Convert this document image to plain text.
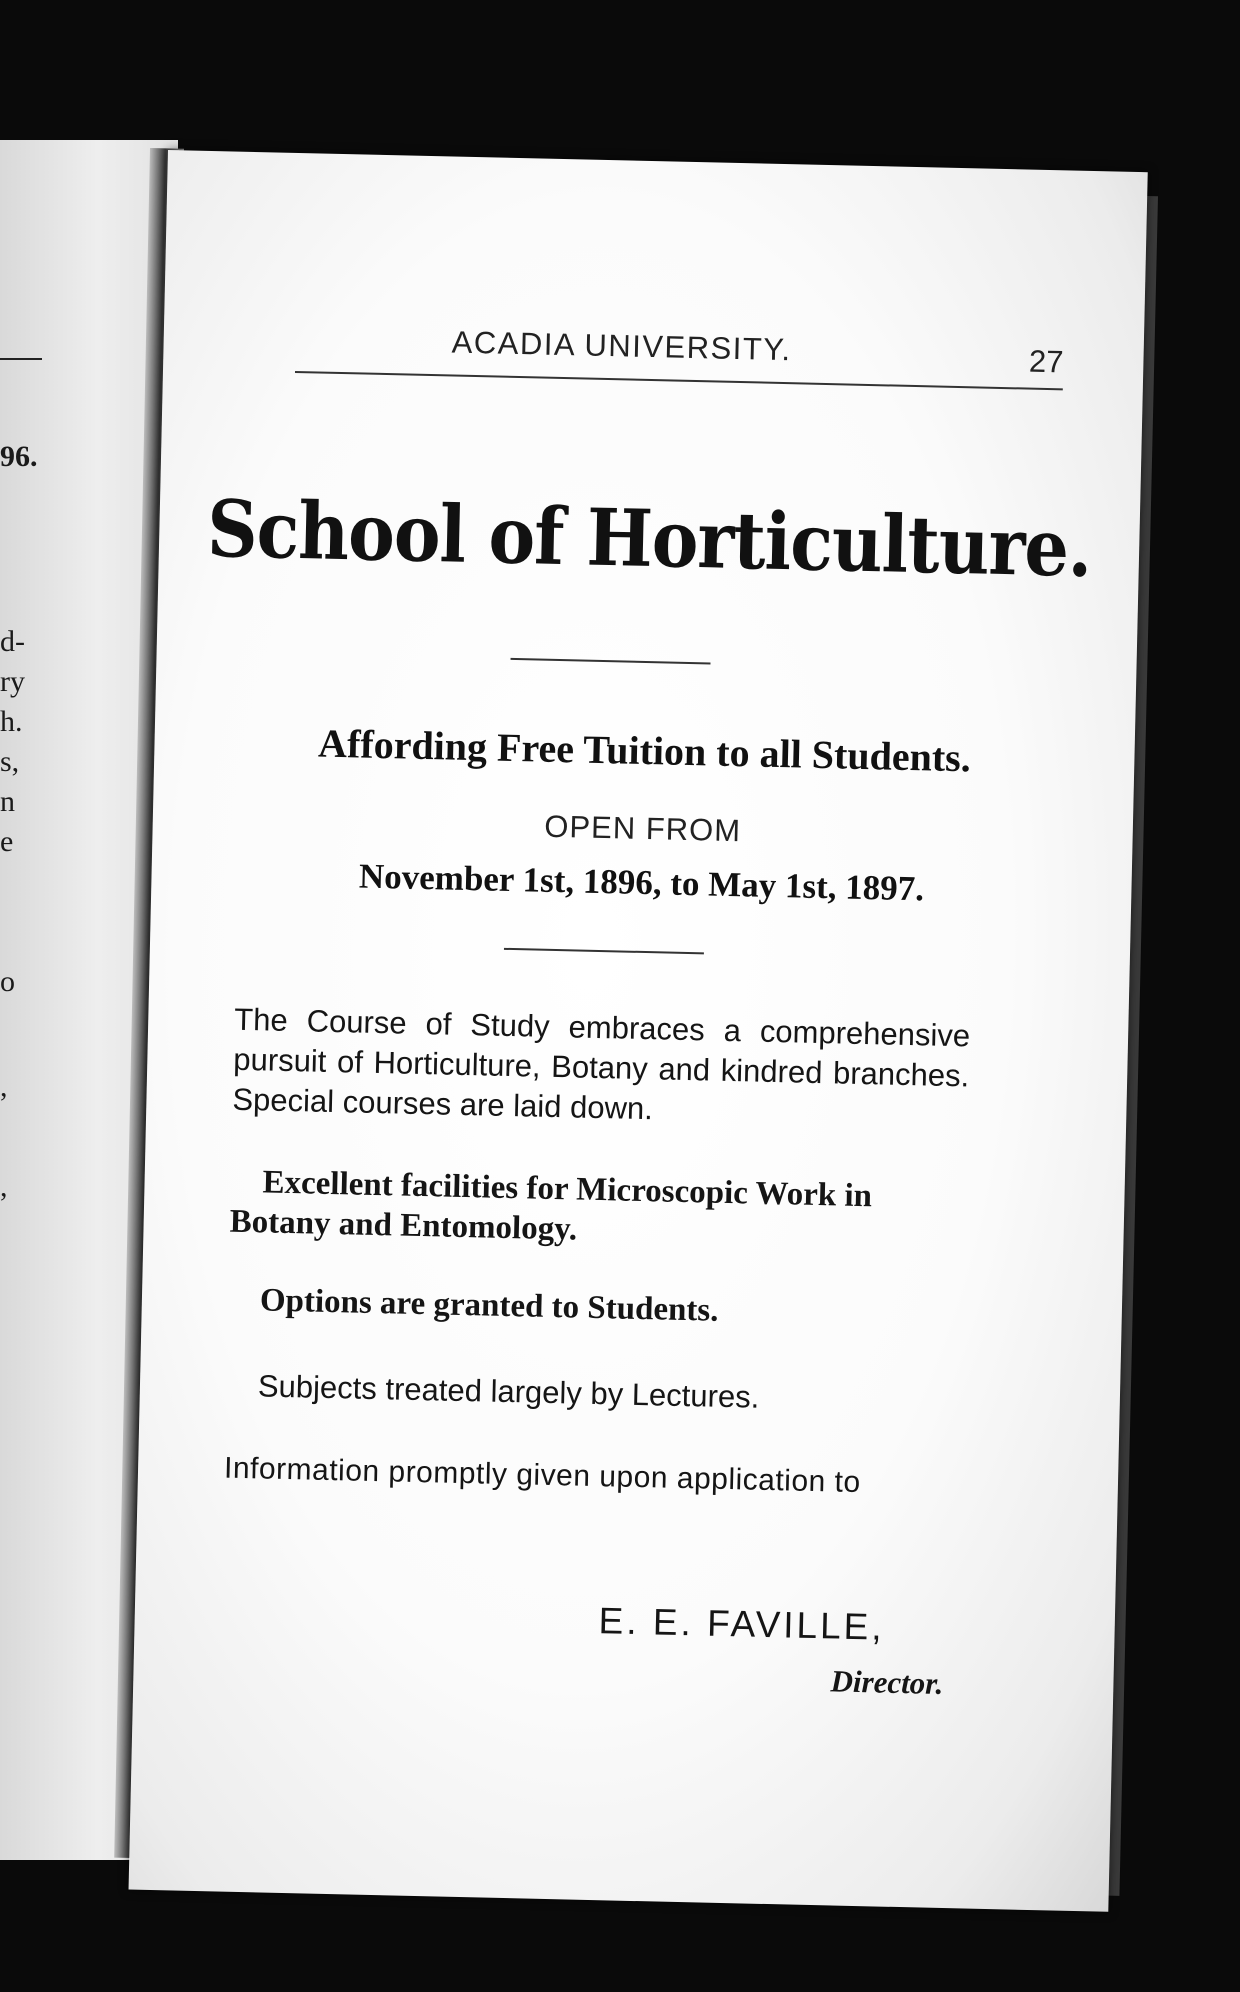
96.
d-
ry
h.
s,
n
e
o
,
,
ACADIA UNIVERSITY.	27
School of Horticulture.
Affording Free Tuition to all Students.
OPEN FROM
November 1st, 1896, to May 1st, 1897.
The Course of Study embraces a comprehensive pursuit of Horticulture, Botany and kindred branches. Special courses are laid down.
Excellent facilities for Microscopic Work in Botany and Entomology.
Options are granted to Students.
Subjects treated largely by Lectures.
Information promptly given upon application to
E. E. FAVILLE,
Director.
